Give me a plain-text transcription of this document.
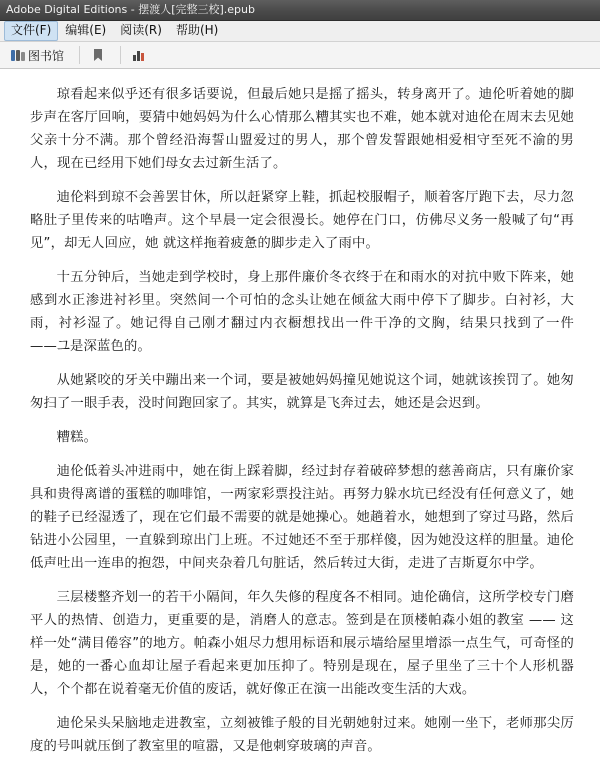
Adobe Digital Editions - 摆渡人[完整三校].epub
文件(F)	编辑(E)	阅读(R)	帮助(H)
图书馆

琼看起来似乎还有很多话要说，但最后她只是摇了摇头，转身离开了。迪伦听着她的脚步声在客厅回响，要猜中她妈妈为什么心情那么糟其实也不难，她本就对迪伦在周末去见她父亲十分不满。那个曾经沿海誓山盟爱过的男人，那个曾发誓跟她相爱相守至死不渝的男人，现在已经用下她们母女去过新生活了。

迪伦料到琼不会善罢甘休，所以赶紧穿上鞋，抓起校服帽子，顺着客厅跑下去，尽力忽略肚子里传来的咕噜声。这个早晨一定会很漫长。她停在门口，仿佛尽义务一般喊了句“再见”，却无人回应，她 就这样拖着疲惫的脚步走入了雨中。

十五分钟后，当她走到学校时，身上那件廉价冬衣终于在和雨水的对抗中败下阵来，她感到水正渗进衬衫里。突然间一个可怕的念头让她在倾盆大雨中停下了脚步。白衬衫，大雨，衬衫湿了。她记得自己刚才翻过内衣橱想找出一件干净的文胸，结果只找到了一件 ——그是深蓝色的。

从她紧咬的牙关中蹦出来一个词，要是被她妈妈撞见她说这个词，她就该挨罚了。她匆匆扫了一眼手表，没时间跑回家了。其实，就算是飞奔过去，她还是会迟到。

糟糕。

迪伦低着头冲进雨中，她在街上踩着脚，经过封存着破碎梦想的慈善商店，只有廉价家具和贵得离谱的蛋糕的咖啡馆，一两家彩票投注站。再努力躲水坑已经没有任何意义了，她的鞋子已经湿透了，现在它们最不需要的就是她操心。她趟着水，她想到了穿过马路，然后钻进小公园里，一直躲到琼出门上班。不过她还不至于那样傻，因为她没这样的胆量。迪伦低声吐出一连串的抱怨，中间夹杂着几句脏话，然后转过大街，走进了吉斯夏尔中学。

三层楼整齐划一的若干小隔间，年久失修的程度各不相同。迪伦确信，这所学校专门磨平人的热情、创造力，更重要的是，消磨人的意志。签到是在顶楼帕森小姐的教室 —— 这样一处“满目倦容”的地方。帕森小姐尽力想用标语和展示墙给屋里增添一点生气，可奇怪的是，她的一番心血却让屋子看起来更加压抑了。特别是现在，屋子里坐了三十个人形机器人，个个都在说着毫无价值的废话，就好像正在演一出能改变生活的大戏。

迪伦呆头呆脑地走进教室，立刻被锥子般的目光朝她射过来。她刚一坐下，老师那尖厉度的号叫就压倒了教室里的喧嚣，又是他刺穿玻璃的声音。
